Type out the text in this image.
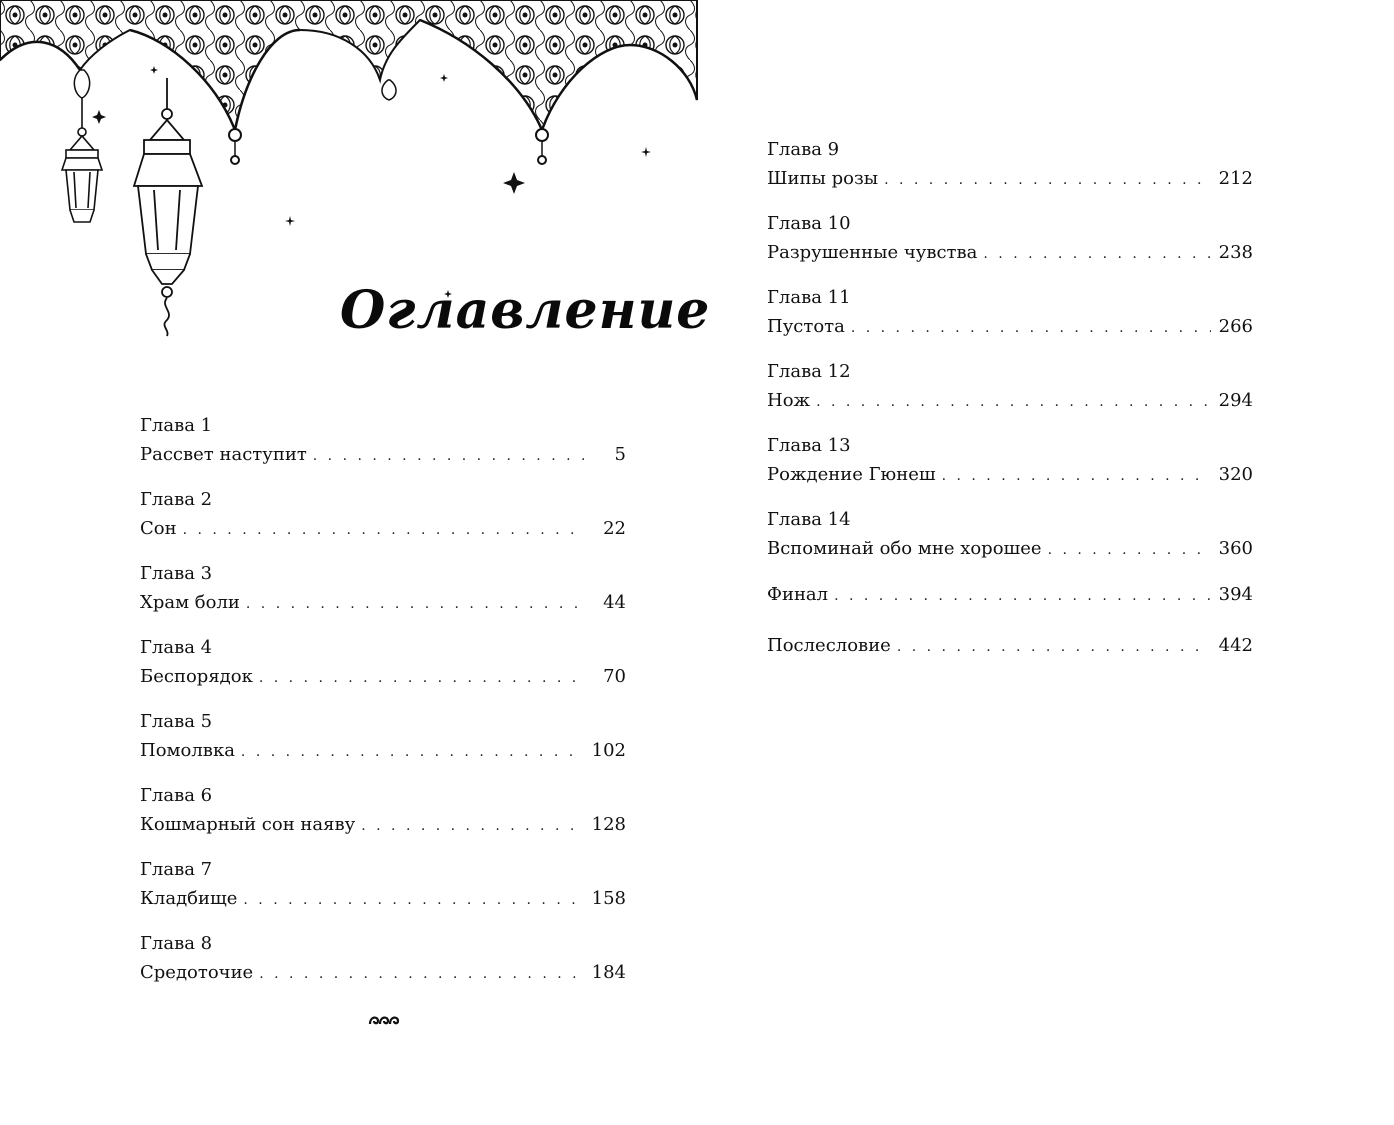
Оглавление
Глава 1
Рассвет наступит . . .	5
Глава 2
Сон . . .	22
Глава 3
Храм боли . . .	44
Глава 4
Беспорядок . . .	70
Глава 5
Помолвка . . .	102
Глава 6
Кошмарный сон наяву . . .	128
Глава 7
Кладбище . . .	158
Глава 8
Средоточие . . .	184
Глава 9
Шипы розы . . .	212
Глава 10
Разрушенные чувства . . .	238
Глава 11
Пустота . . .	266
Глава 12
Нож . . .	294
Глава 13
Рождение Гюнеш . . .	320
Глава 14
Вспоминай обо мне хорошее . . .	360
Финал . . .	394
Послесловие . . .	442
